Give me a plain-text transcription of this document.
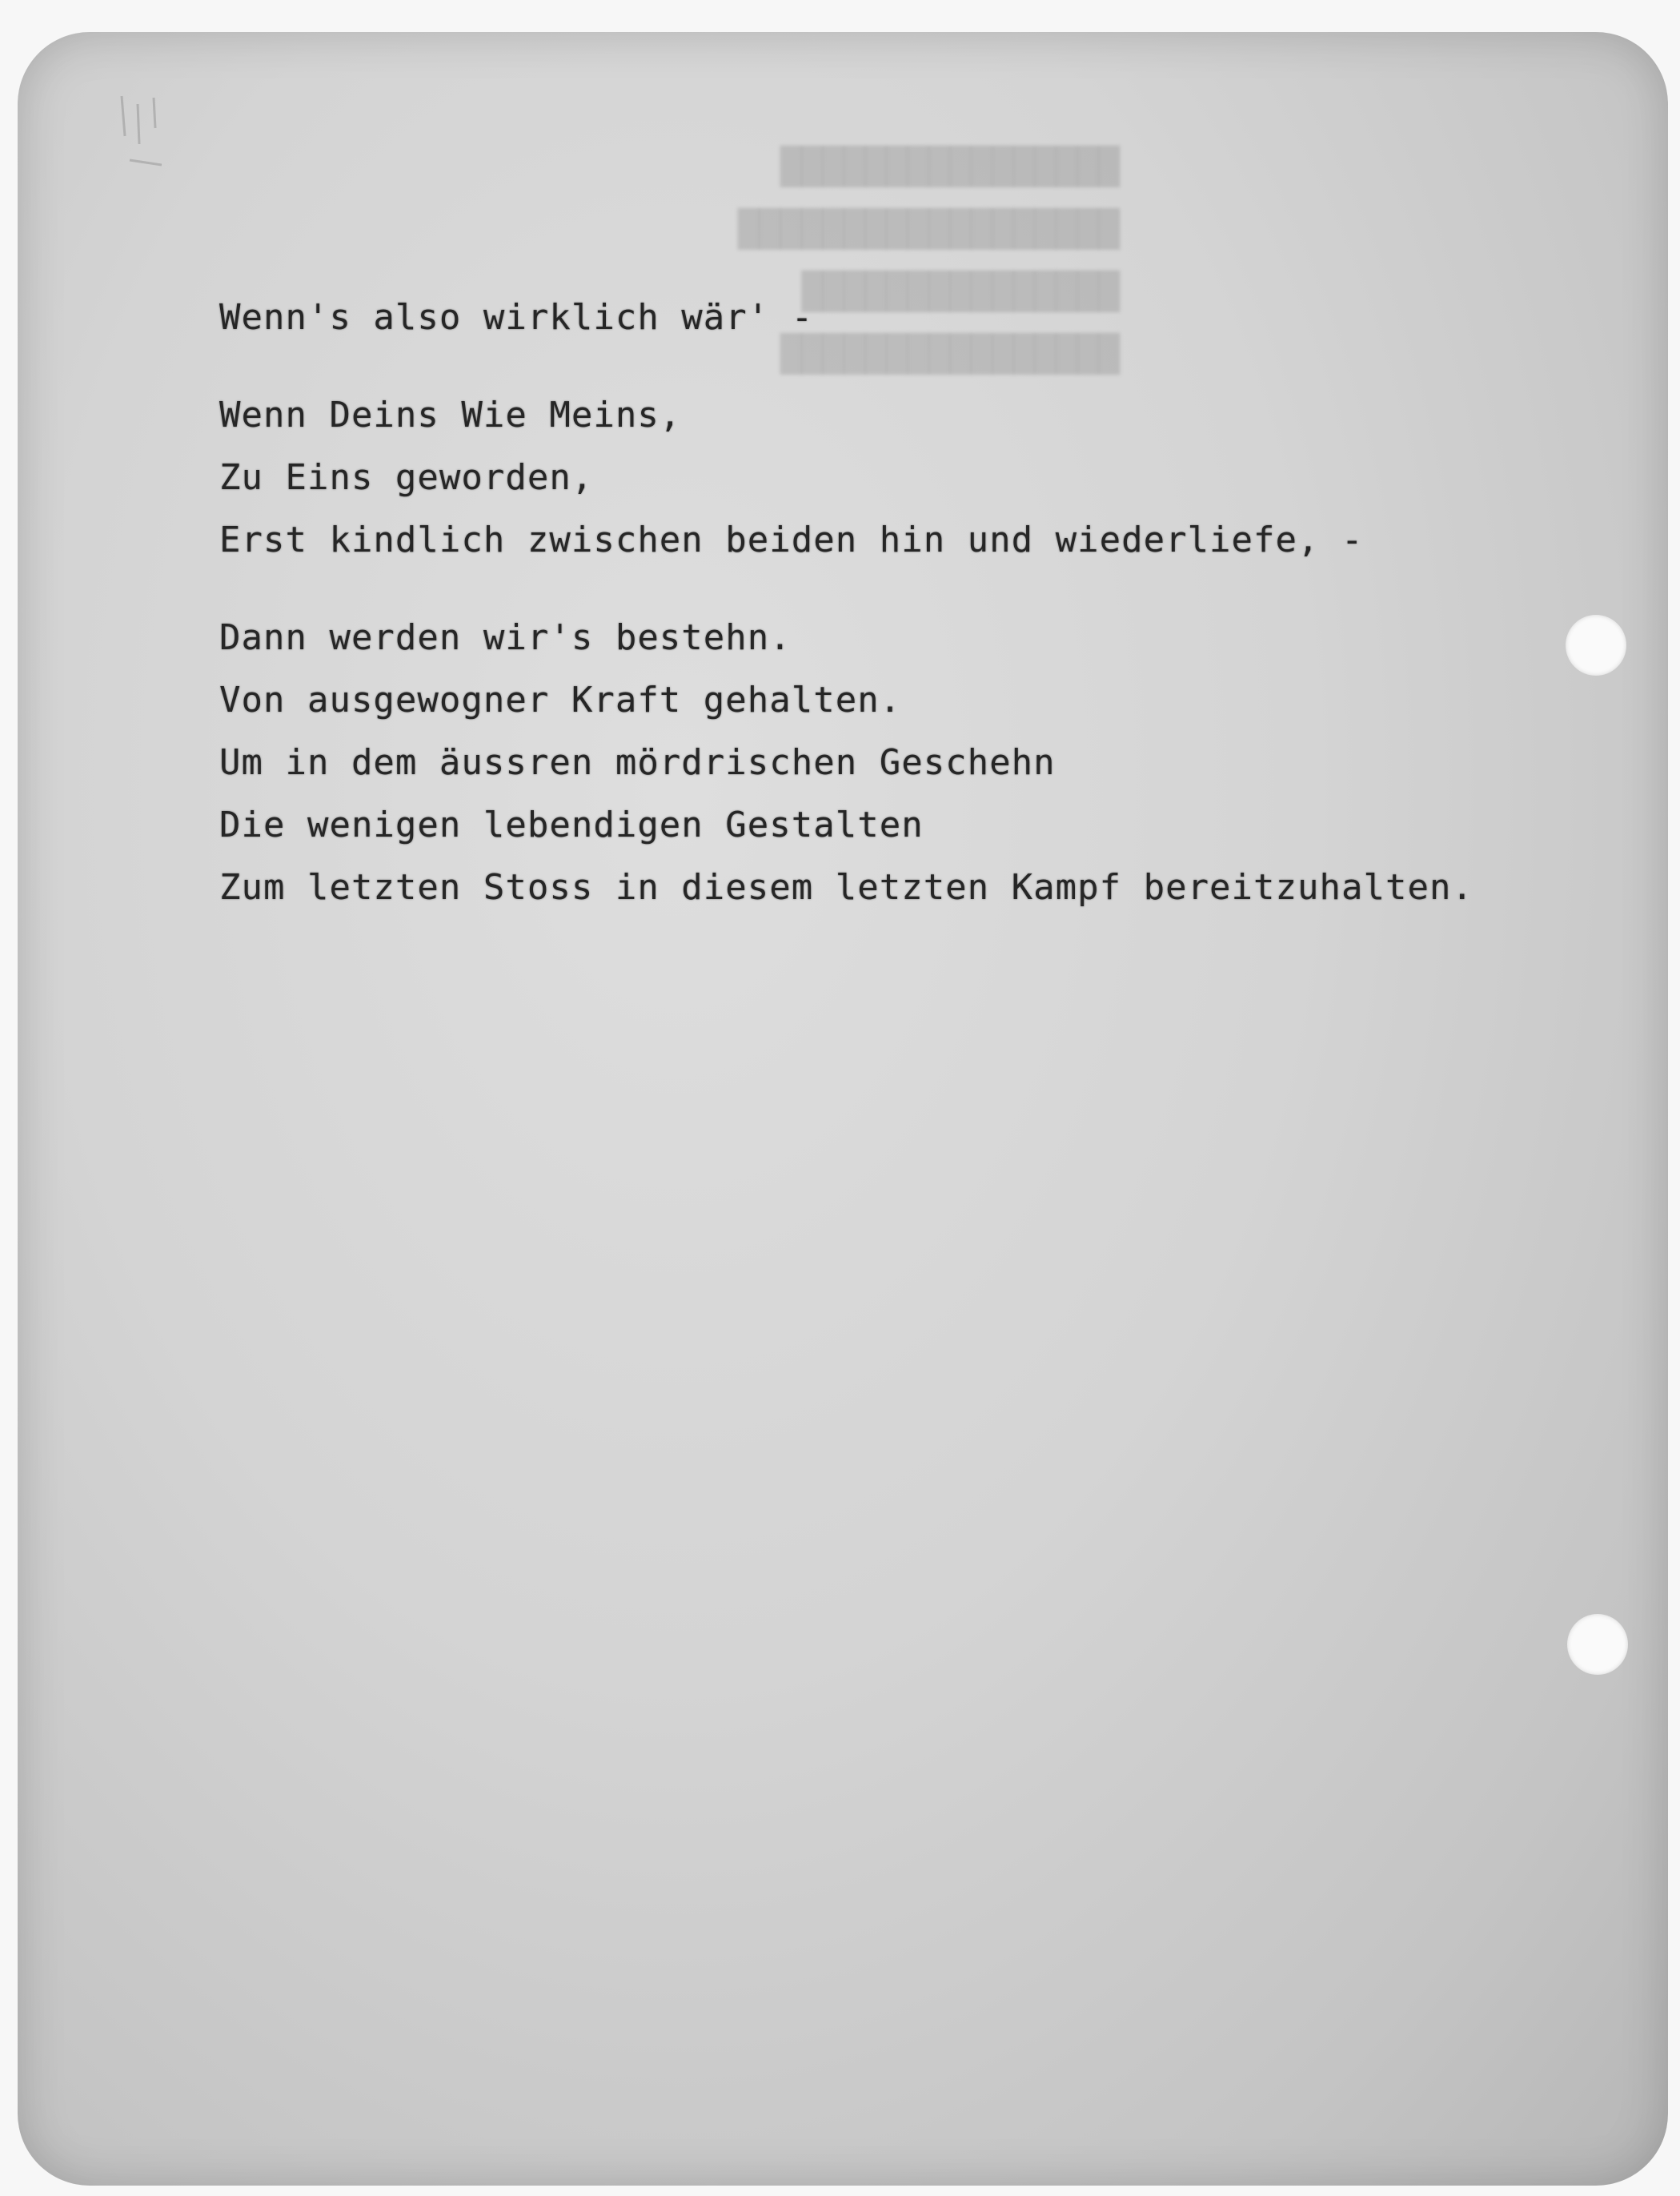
████████████████
██████████████████
███████████████
████████████████
Wenn's also wirklich wär' -
Wenn Deins Wie Meins,
Zu Eins geworden,
Erst kindlich zwischen beiden hin und wiederliefe, -
Dann werden wir's bestehn.
Von ausgewogner Kraft gehalten.
Um in dem äussren mördrischen Geschehn
Die wenigen lebendigen Gestalten
Zum letzten Stoss in diesem letzten Kampf bereitzuhalten.
